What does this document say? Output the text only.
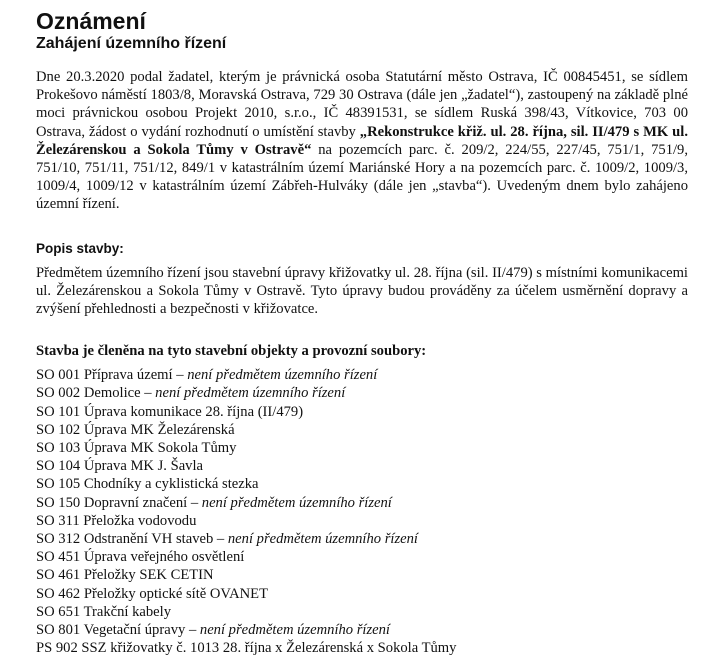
Oznámení
Zahájení územního řízení

Dne 20.3.2020 podal žadatel, kterým je právnická osoba Statutární město Ostrava, IČ 00845451, se sídlem Prokešovo náměstí 1803/8, Moravská Ostrava, 729 30 Ostrava (dále jen „žadatel“), zastoupený na základě plné moci právnickou osobou Projekt 2010, s.r.o., IČ 48391531, se sídlem Ruská 398/43, Vítkovice, 703 00 Ostrava, žádost o vydání rozhodnutí o umístění stavby „Rekonstrukce křiž. ul. 28. října, sil. II/479 s MK ul. Železárenskou a Sokola Tůmy v Ostravě“ na pozemcích parc. č. 209/2, 224/55, 227/45, 751/1, 751/9, 751/10, 751/11, 751/12, 849/1 v katastrálním území Mariánské Hory a na pozemcích parc. č. 1009/2, 1009/3, 1009/4, 1009/12 v katastrálním území Zábřeh-Hulváky (dále jen „stavba“). Uvedeným dnem bylo zahájeno územní řízení.

Popis stavby:

Předmětem územního řízení jsou stavební úpravy křižovatky ul. 28. října (sil. II/479) s místními komunikacemi ul. Železárenskou a Sokola Tůmy v Ostravě. Tyto úpravy budou prováděny za účelem usměrnění dopravy a zvýšení přehlednosti a bezpečnosti v křižovatce.

Stavba je členěna na tyto stavební objekty a provozní soubory:
SO 001 Příprava území – není předmětem územního řízení
SO 002 Demolice – není předmětem územního řízení
SO 101 Úprava komunikace 28. října (II/479)
SO 102 Úprava MK Železárenská
SO 103 Úprava MK Sokola Tůmy
SO 104 Úprava MK J. Šavla
SO 105 Chodníky a cyklistická stezka
SO 150 Dopravní značení – není předmětem územního řízení
SO 311 Přeložka vodovodu
SO 312 Odstranění VH staveb – není předmětem územního řízení
SO 451 Úprava veřejného osvětlení
SO 461 Přeložky SEK CETIN
SO 462 Přeložky optické sítě OVANET
SO 651 Trakční kabely
SO 801 Vegetační úpravy – není předmětem územního řízení
PS 902 SSZ křižovatky č. 1013 28. října x Železárenská x Sokola Tůmy
